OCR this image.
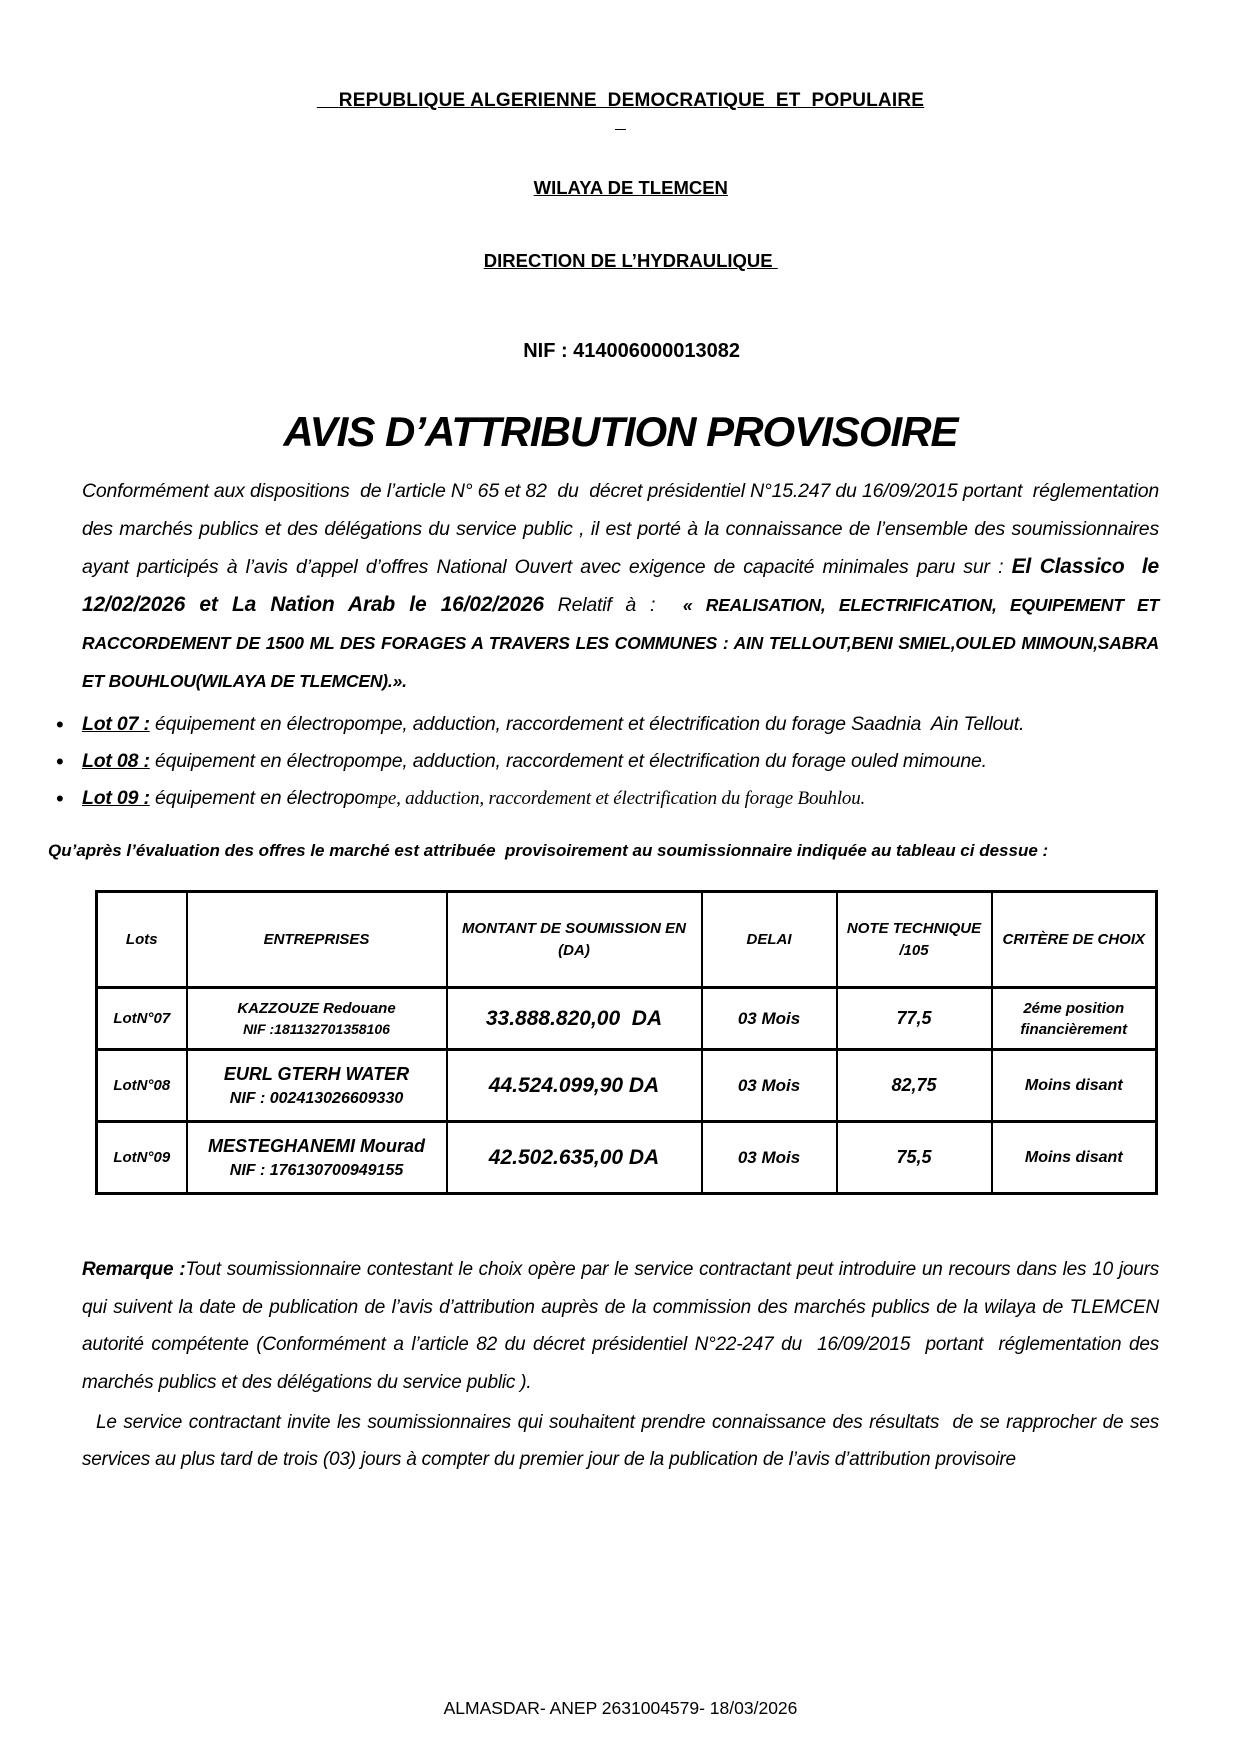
REPUBLIQUE ALGERIENNE  DEMOCRATIQUE  ET  POPULAIRE

WILAYA DE TLEMCEN

DIRECTION DE L’HYDRAULIQUE

NIF : 414006000013082

AVIS D’ATTRIBUTION PROVISOIRE

Conformément aux dispositions  de l’article N° 65 et 82  du  décret présidentiel N°15.247 du 16/09/2015 portant  réglementation des marchés publics et des délégations du service public , il est porté à la connaissance de l’ensemble des soumissionnaires ayant participés à l’avis d’appel d’offres National Ouvert avec exigence de capacité minimales paru sur : El Classico  le 12/02/2026 et La Nation Arab le 16/02/2026 Relatif à :  « REALISATION, ELECTRIFICATION, EQUIPEMENT ET RACCORDEMENT DE 1500 ML DES FORAGES A TRAVERS LES COMMUNES : AIN TELLOUT,BENI SMIEL,OULED MIMOUN,SABRA ET BOUHLOU(WILAYA DE TLEMCEN).».

• Lot 07 : équipement en électropompe, adduction, raccordement et électrification du forage Saadnia  Ain Tellout.
• Lot 08 : équipement en électropompe, adduction, raccordement et électrification du forage ouled mimoune.
• Lot 09 : équipement en électropompe, adduction, raccordement et électrification du forage Bouhlou.

Qu’après l’évaluation des offres le marché est attribuée  provisoirement au soumissionnaire indiquée au tableau ci dessue :

Lots	ENTREPRISES	MONTANT DE SOUMISSION EN (DA)	DELAI	NOTE TECHNIQUE /105	CRITÈRE DE CHOIX
LotN°07	KAZZOUZE Redouane
NIF :181132701358106	33.888.820,00  DA	03 Mois	77,5	2éme position financièrement
LotN°08	EURL GTERH WATER
NIF : 002413026609330	44.524.099,90 DA	03 Mois	82,75	Moins disant
LotN°09	MESTEGHANEMI Mourad
NIF : 176130700949155	42.502.635,00 DA	03 Mois	75,5	Moins disant

Remarque :Tout soumissionnaire contestant le choix opère par le service contractant peut introduire un recours dans les 10 jours qui suivent la date de publication de l’avis d’attribution auprès de la commission des marchés publics de la wilaya de TLEMCEN  autorité compétente (Conformément a l’article 82 du décret présidentiel N°22-247 du  16/09/2015  portant  réglementation des marchés publics et des délégations du service public ).

Le service contractant invite les soumissionnaires qui souhaitent prendre connaissance des résultats  de se rapprocher de ses  services au plus tard de trois (03) jours à compter du premier jour de la publication de l’avis d’attribution provisoire

ALMASDAR- ANEP 2631004579- 18/03/2026
